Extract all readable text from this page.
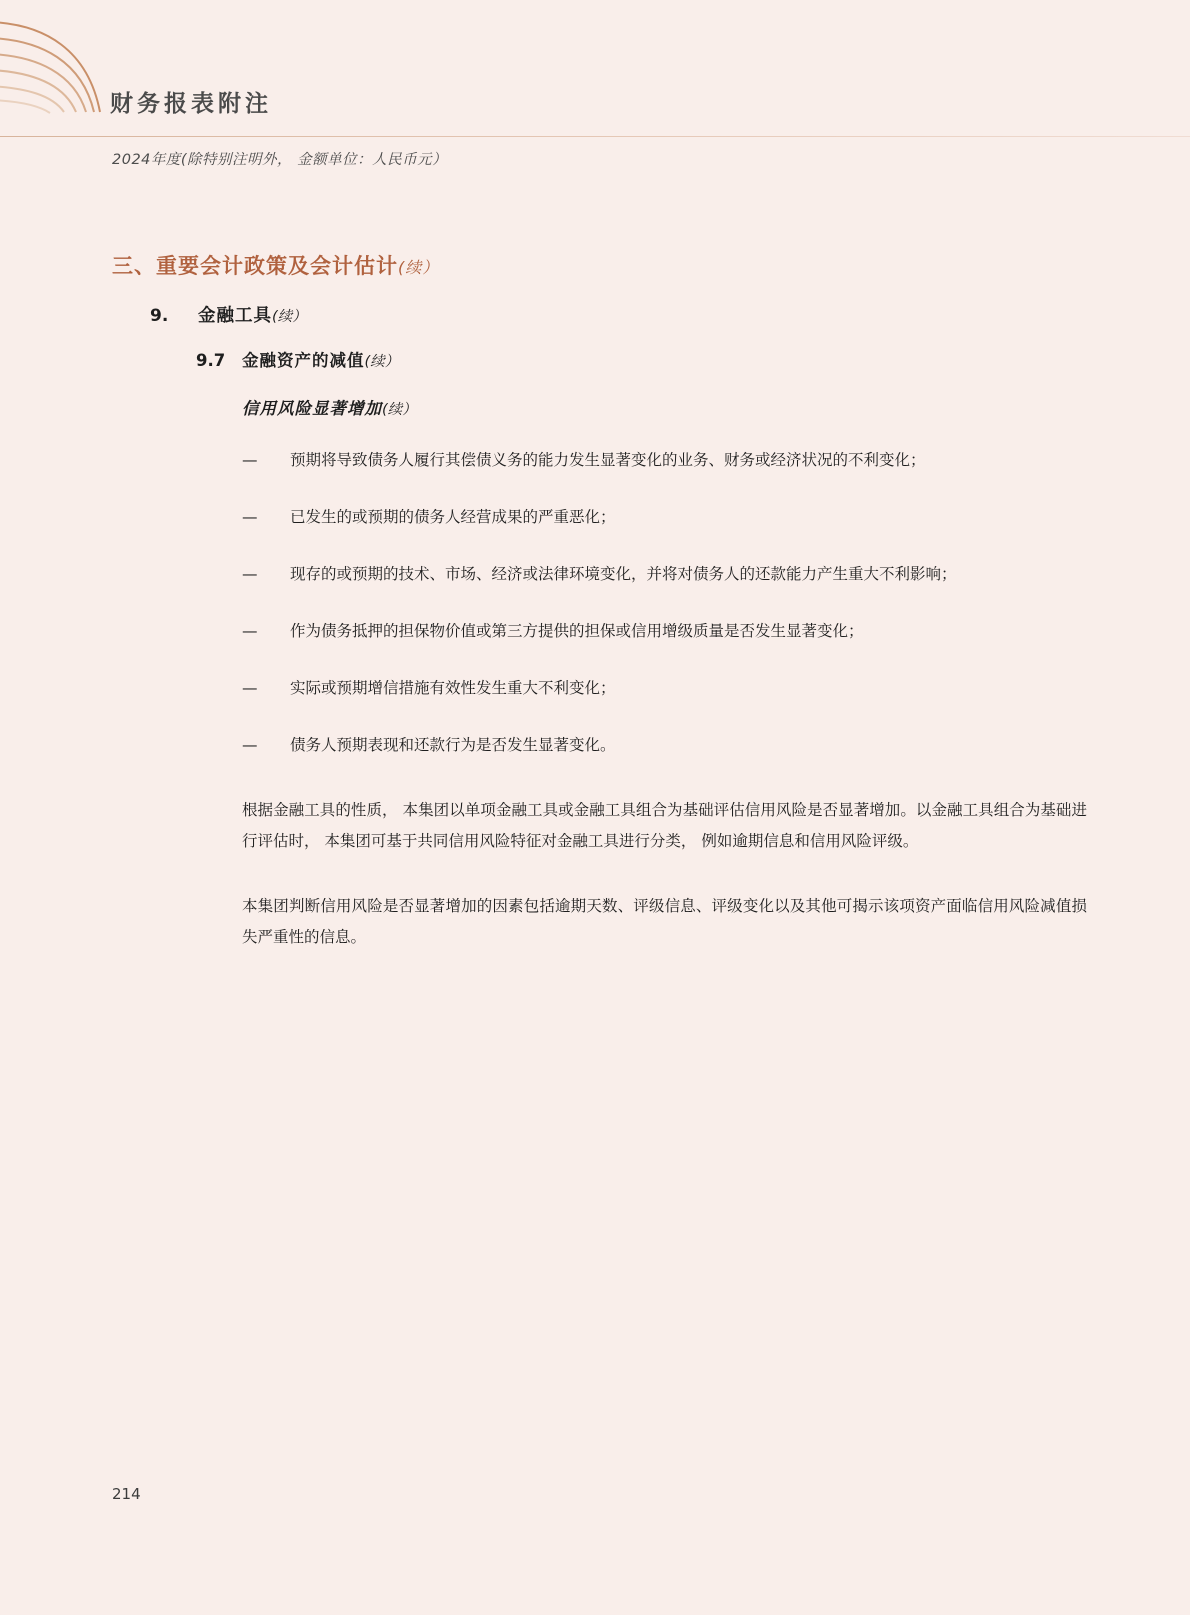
财务报表附注
2024年度(除特别注明外， 金额单位：人民币元）
三、重要会计政策及会计估计(续）
9.	金融工具 (续）
9.7	金融资产的减值 (续）
信用风险显著增加(续）
—	预期将导致债务人履行其偿债义务的能力发生显著变化的业务、财务或经济状况的不利变化；
—	已发生的或预期的债务人经营成果的严重恶化；
—	现存的或预期的技术、市场、经济或法律环境变化，并将对债务人的还款能力产生重大不利影响；
—	作为债务抵押的担保物价值或第三方提供的担保或信用增级质量是否发生显著变化；
—	实际或预期增信措施有效性发生重大不利变化；
—	债务人预期表现和还款行为是否发生显著变化。
根据金融工具的性质， 本集团以单项金融工具或金融工具组合为基础评估信用风险是否显著增加。以金融工具组合为基础进行评估时， 本集团可基于共同信用风险特征对金融工具进行分类， 例如逾期信息和信用风险评级。
本集团判断信用风险是否显著增加的因素包括逾期天数、评级信息、评级变化以及其他可揭示该项资产面临信用风险减值损失严重性的信息。
214
